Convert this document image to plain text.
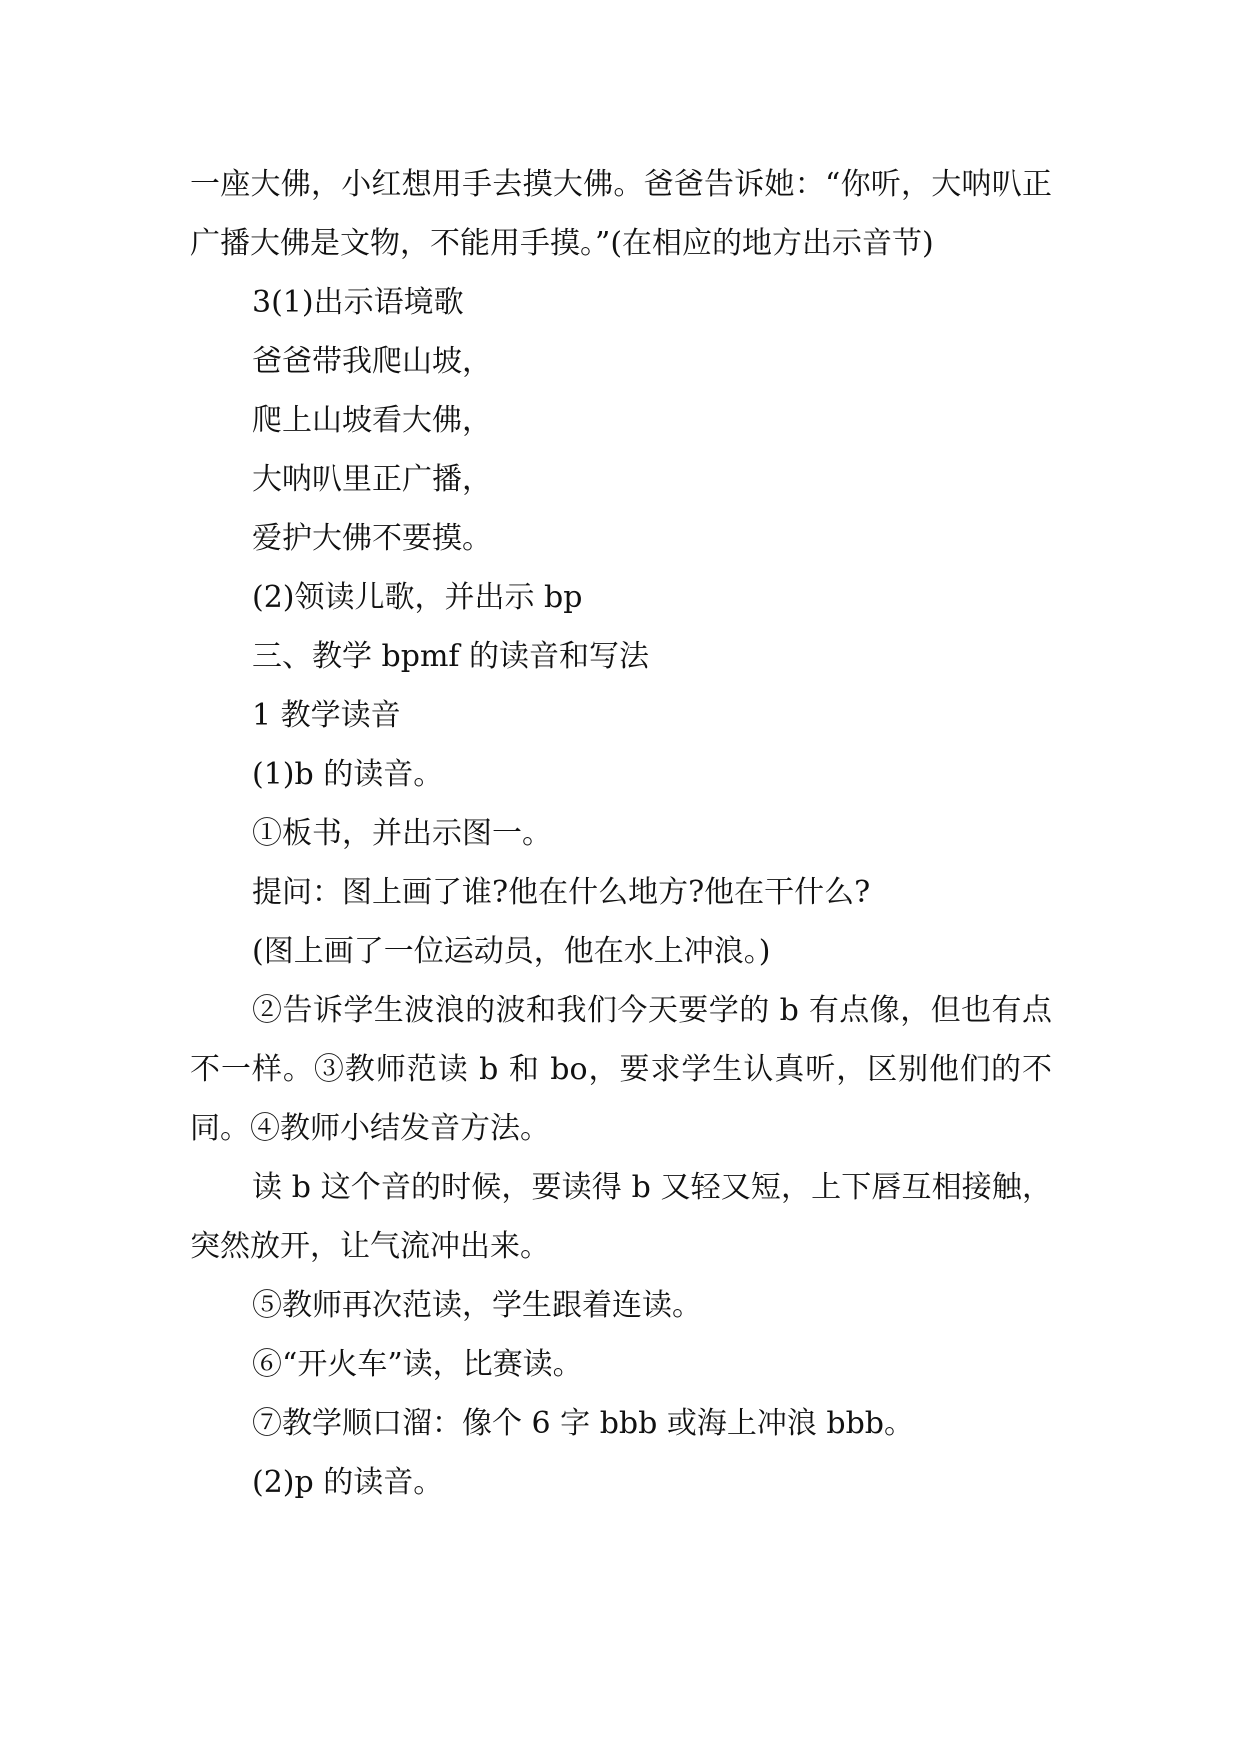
一座大佛，小红想用手去摸大佛。爸爸告诉她：“你听，大呐叭正广播大佛是文物，不能用手摸。”(在相应的地方出示音节)

3(1)出示语境歌

爸爸带我爬山坡，

爬上山坡看大佛，

大呐叭里正广播，

爱护大佛不要摸。

(2)领读儿歌，并出示 bp

三、教学 bpmf 的读音和写法

1 教学读音

(1)b 的读音。

①板书，并出示图一。

提问：图上画了谁?他在什么地方?他在干什么?

(图上画了一位运动员，他在水上冲浪。)

②告诉学生波浪的波和我们今天要学的 b 有点像，但也有点不一样。③教师范读 b 和 bo，要求学生认真听，区别他们的不同。④教师小结发音方法。

读 b 这个音的时候，要读得 b 又轻又短，上下唇互相接触，突然放开，让气流冲出来。

⑤教师再次范读，学生跟着连读。

⑥“开火车”读，比赛读。

⑦教学顺口溜：像个 6 字 bbb 或海上冲浪 bbb。

(2)p 的读音。
